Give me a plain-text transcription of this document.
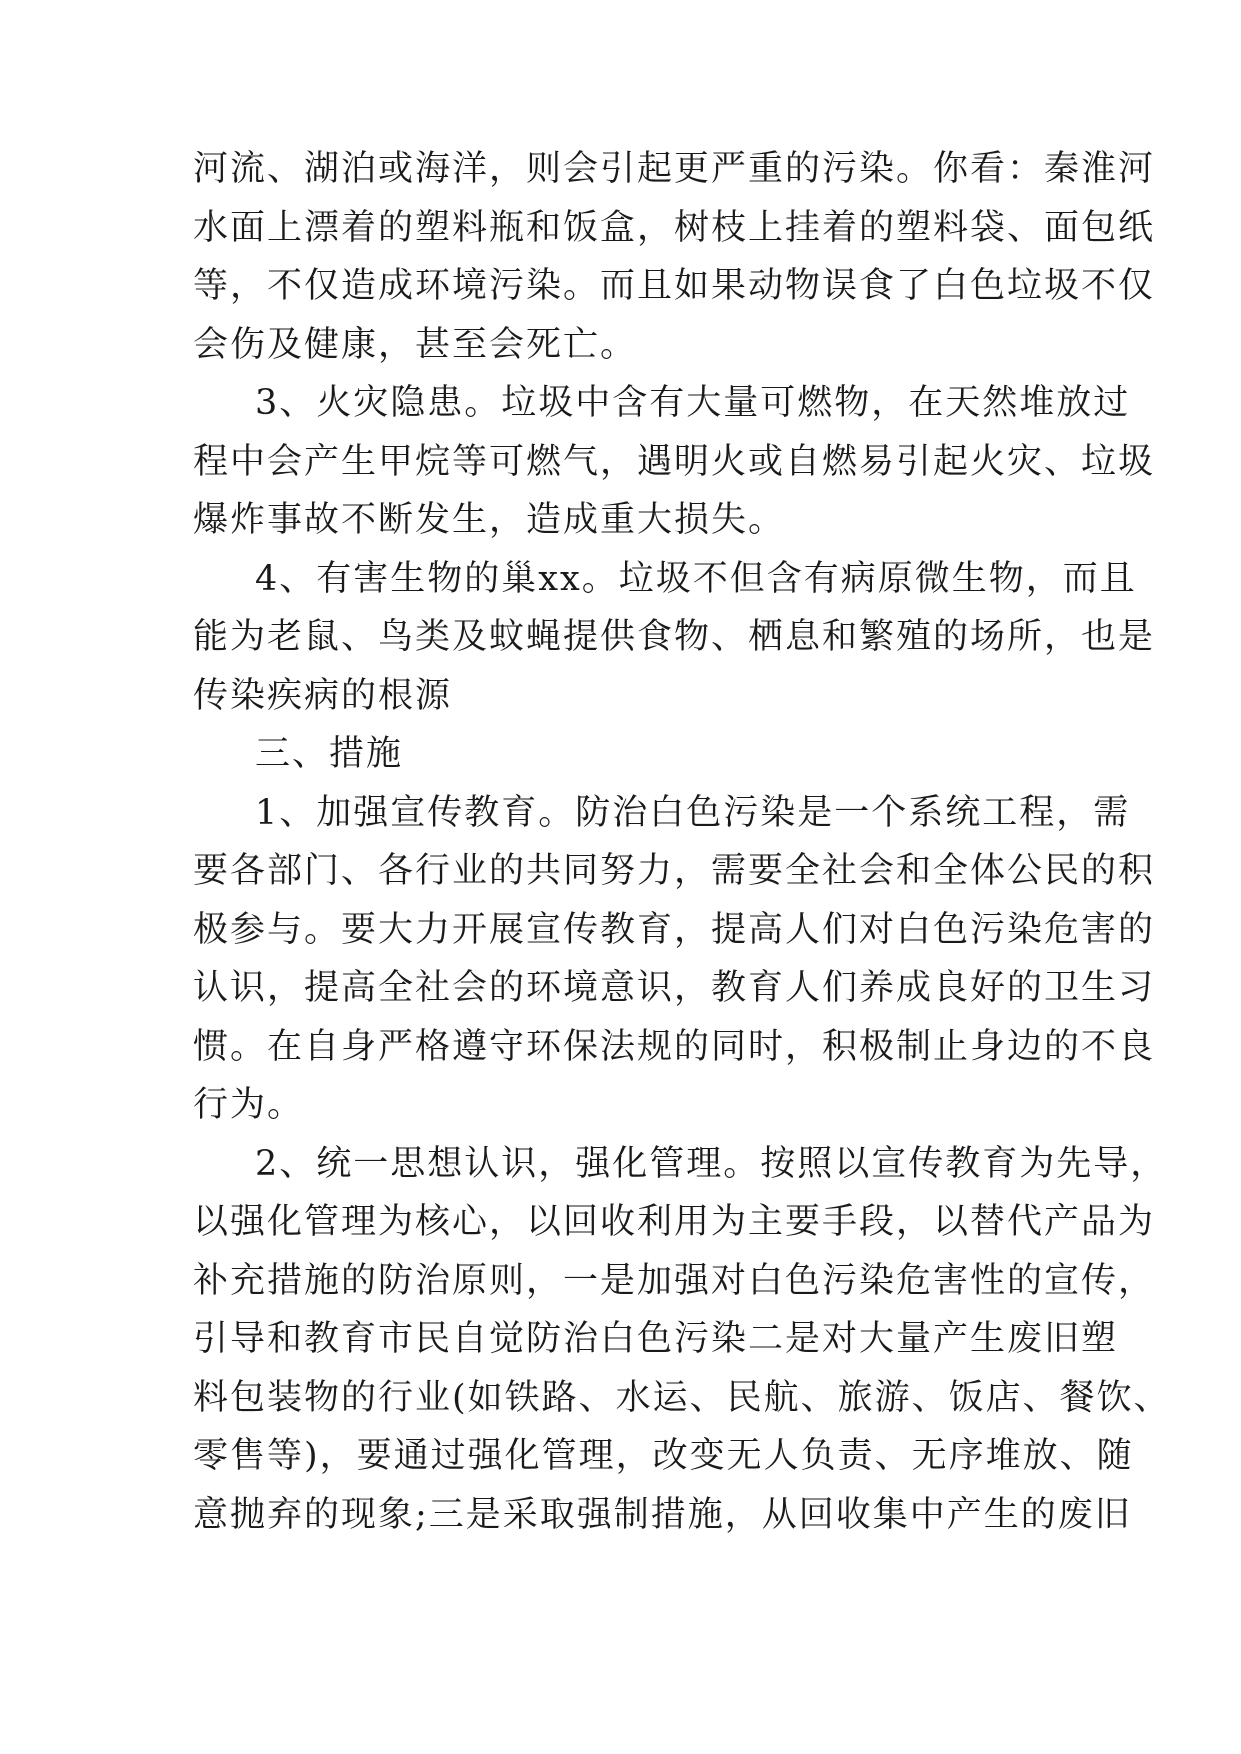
河流、湖泊或海洋，则会引起更严重的污染。你看：秦淮河
水面上漂着的塑料瓶和饭盒，树枝上挂着的塑料袋、面包纸
等，不仅造成环境污染。而且如果动物误食了白色垃圾不仅
会伤及健康，甚至会死亡。
3、火灾隐患。垃圾中含有大量可燃物，在天然堆放过
程中会产生甲烷等可燃气，遇明火或自燃易引起火灾、垃圾
爆炸事故不断发生，造成重大损失。
4、有害生物的巢xx。垃圾不但含有病原微生物，而且
能为老鼠、鸟类及蚊蝇提供食物、栖息和繁殖的场所，也是
传染疾病的根源
三、措施
1、加强宣传教育。防治白色污染是一个系统工程，需
要各部门、各行业的共同努力，需要全社会和全体公民的积
极参与。要大力开展宣传教育，提高人们对白色污染危害的
认识，提高全社会的环境意识，教育人们养成良好的卫生习
惯。在自身严格遵守环保法规的同时，积极制止身边的不良
行为。
2、统一思想认识，强化管理。按照以宣传教育为先导，
以强化管理为核心，以回收利用为主要手段，以替代产品为
补充措施的防治原则，一是加强对白色污染危害性的宣传，
引导和教育市民自觉防治白色污染二是对大量产生废旧塑
料包装物的行业(如铁路、水运、民航、旅游、饭店、餐饮、
零售等)，要通过强化管理，改变无人负责、无序堆放、随
意抛弃的现象;三是采取强制措施，从回收集中产生的废旧
